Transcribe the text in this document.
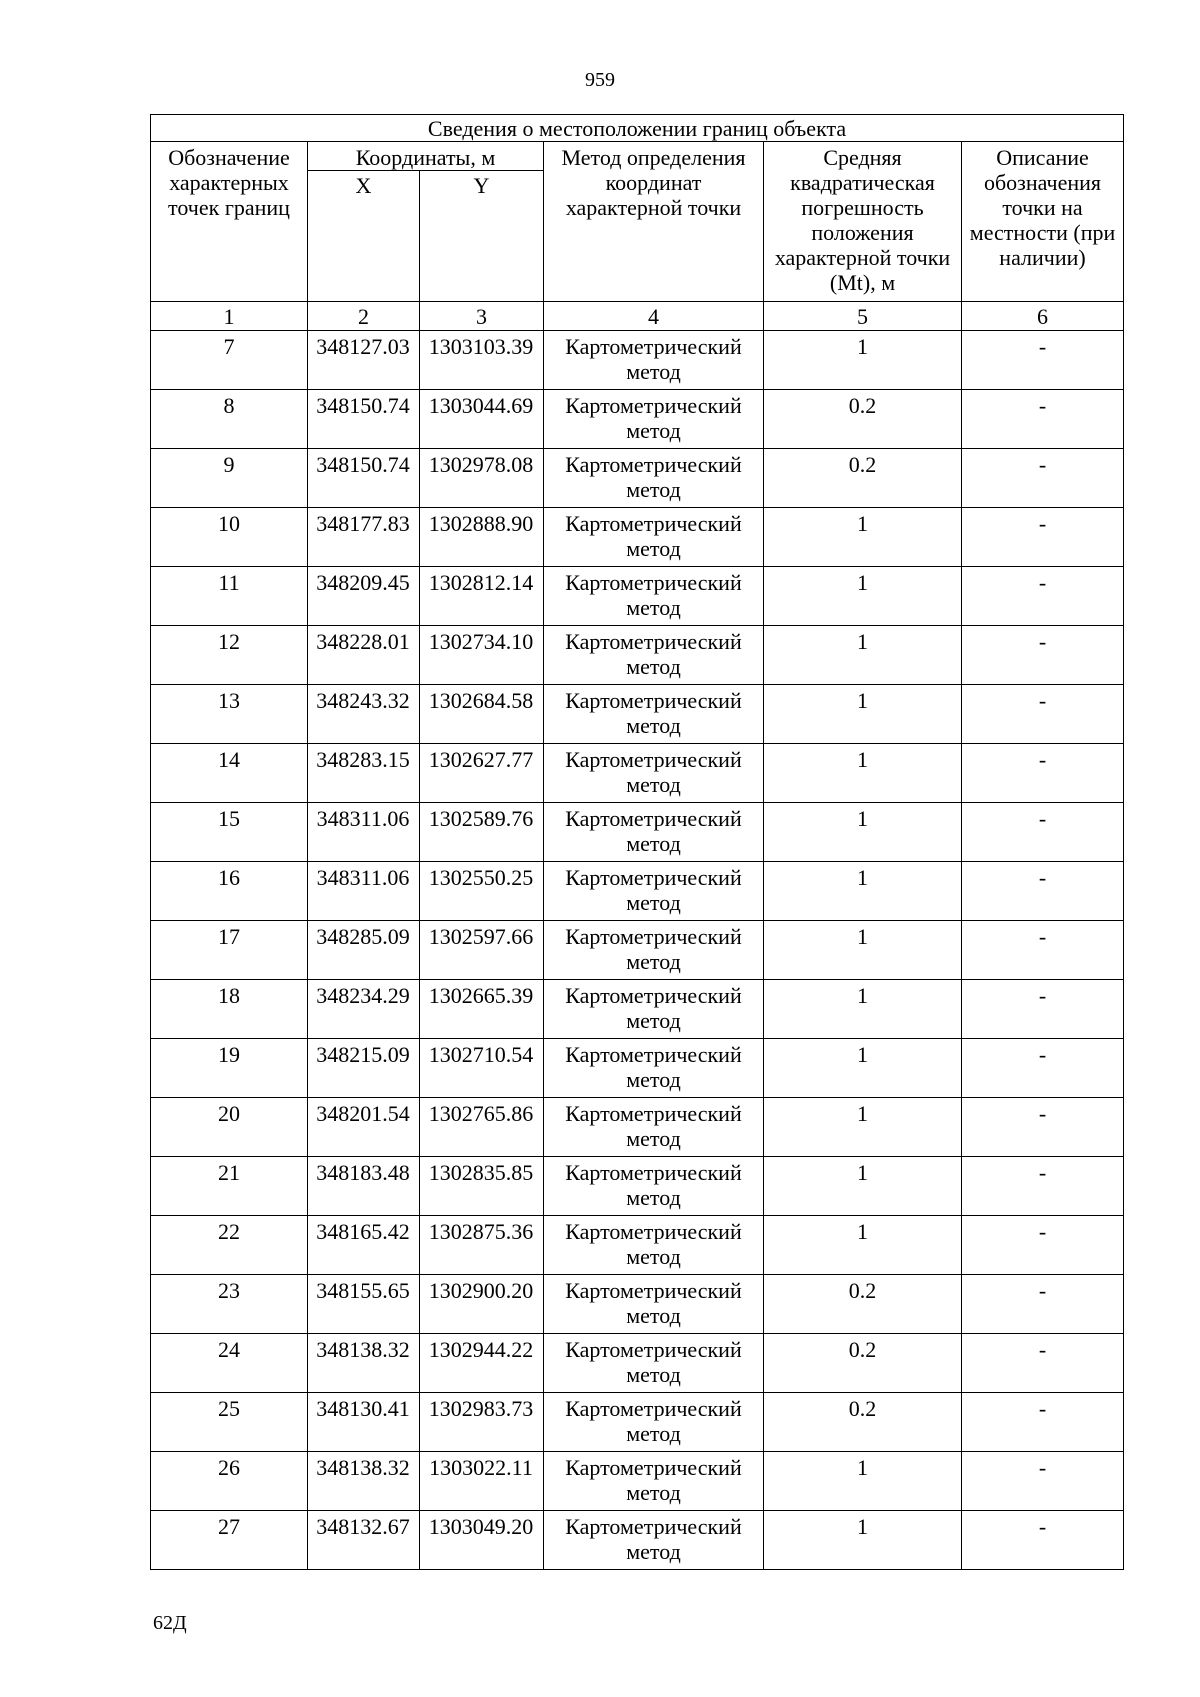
959
Сведения о местоположении границ объекта					
Обозначение характерных точек границ	Координаты, м		Метод определения координат характерной точки	Средняя квадратическая погрешность положения характерной точки (Mt), м	Описание обозначения точки на местности (при наличии)
	X	Y			
1	2	3	4	5	6
7	348127.03	1303103.39	Картометрический метод	1	-
8	348150.74	1303044.69	Картометрический метод	0.2	-
9	348150.74	1302978.08	Картометрический метод	0.2	-
10	348177.83	1302888.90	Картометрический метод	1	-
11	348209.45	1302812.14	Картометрический метод	1	-
12	348228.01	1302734.10	Картометрический метод	1	-
13	348243.32	1302684.58	Картометрический метод	1	-
14	348283.15	1302627.77	Картометрический метод	1	-
15	348311.06	1302589.76	Картометрический метод	1	-
16	348311.06	1302550.25	Картометрический метод	1	-
17	348285.09	1302597.66	Картометрический метод	1	-
18	348234.29	1302665.39	Картометрический метод	1	-
19	348215.09	1302710.54	Картометрический метод	1	-
20	348201.54	1302765.86	Картометрический метод	1	-
21	348183.48	1302835.85	Картометрический метод	1	-
22	348165.42	1302875.36	Картометрический метод	1	-
23	348155.65	1302900.20	Картометрический метод	0.2	-
24	348138.32	1302944.22	Картометрический метод	0.2	-
25	348130.41	1302983.73	Картометрический метод	0.2	-
26	348138.32	1303022.11	Картометрический метод	1	-
27	348132.67	1303049.20	Картометрический метод	1	-
62Д
